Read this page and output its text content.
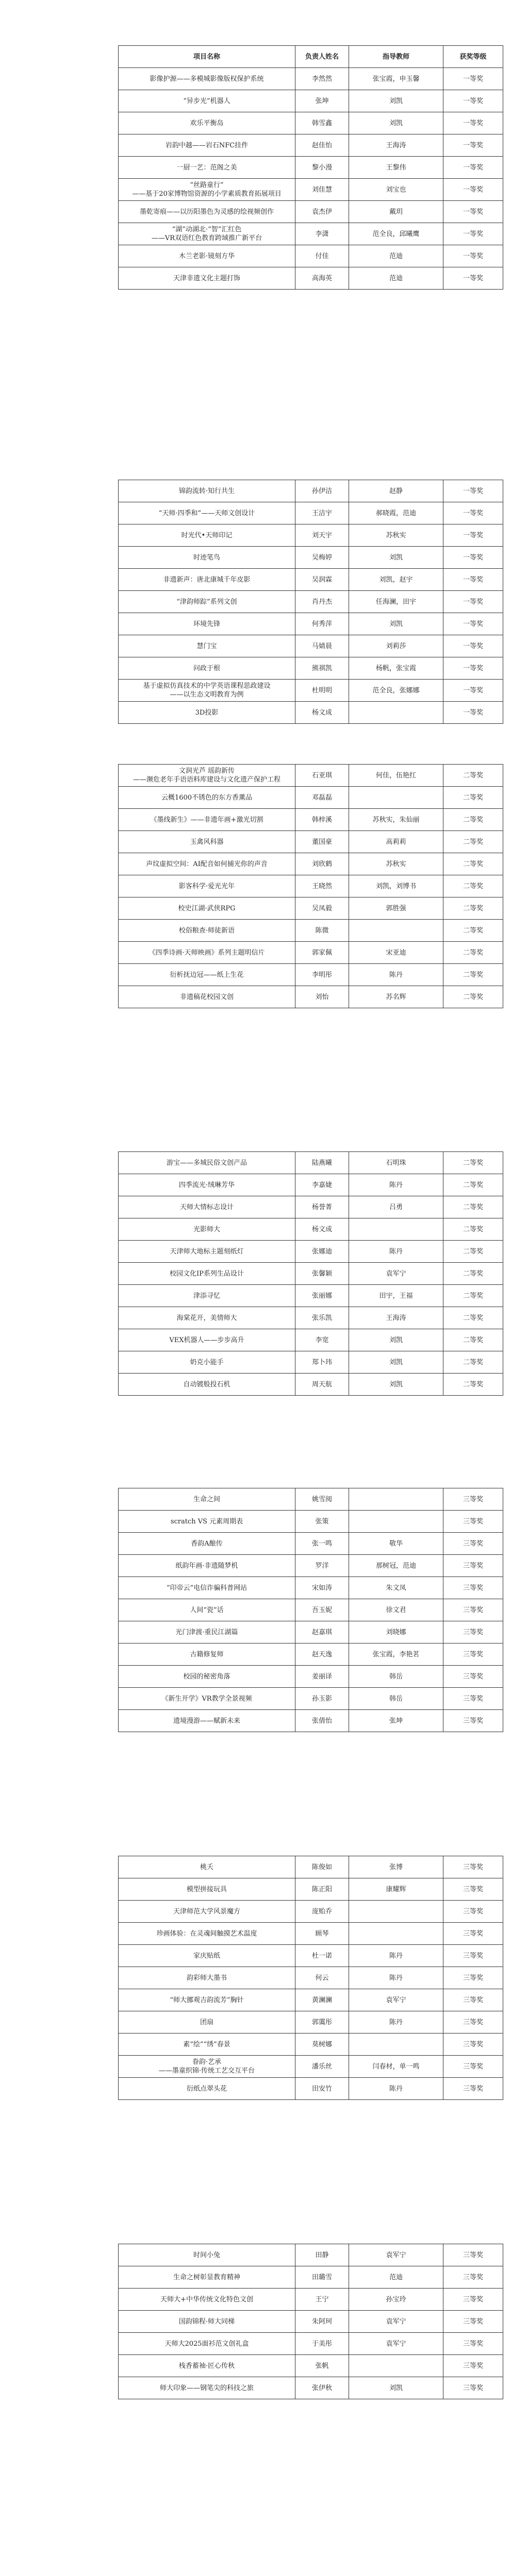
项目名称	负责人姓名	指导教师	获奖等级
影像护源——多模城影像版权保护系统	李然然	张宝霞，申玉馨	一等奖
“异步光”机器人	张坤	刘凯	一等奖
欢乐平衡岛	韩雪鑫	刘凯	一等奖
岩韵中越——岩石NFC挂件	赵佳怡	王海涛	一等奖
一厨一艺：范阁之美	黎小漫	王黎伟	一等奖
“丝路童行”
——基于20家博物馆资源的小学素质教育拓展项目	刘佳慧	刘宝也	一等奖
墨乾寄痕——以历阳墨色为灵感的绘视频创作	袁杰伊	戴玥	一等奖
“湖”动湖北·“智”汇红色
——VR双语红色教育跨域推广新平台	李潇	范全良，邱曦鹰	一等奖
木兰老影·镜刻方华	付佳	范迪	一等奖
天津非遗文化主题打饰	高海英	范迪	一等奖
锦韵流转·知行共生	孙伊洁	赵静	一等奖
“天师·四季和”——天师文创设计	王洁宇	郝晓霞，范迪	一等奖
时光代•天师印记	刘天宇	苏秋实	一等奖
时迹笔鸟	吴梅婷	刘凯	一等奖
非遗新声：唐北康城千年皮影	吴润霖	刘凯，赵宇	一等奖
“津韵师踪”系列文创	肖丹杰	任海澜，田宇	一等奖
环境先锋	何秀萍	刘凯	一等奖
慧门宝	马婧晨	刘莉莎	一等奖
问政于根	熊祺凯	杨帆，张宝霞	一等奖
基于虚拟仿真技术的中学英语课程思政建设
——以生态文明教育为例	杜明明	范全良，张娜娜	一等奖
3D投影	杨文成		一等奖
文润光芦 瑶韵新传
——濒危老年手语语料库建设与文化遗产保护工程	石亚琪	何佳，伍艳红	二等奖
云概1600不锈色的东方香薰品	邓磊磊		二等奖
《墨线新生》——非遗年画+激光切割	韩梓溪	苏秋实，朱仙丽	二等奖
玉禽风科器	董国豪	高莉莉	二等奖
声纹虚拟空间：AI配音如何捕光你的声音	刘欣鹤	苏秋实	二等奖
影客科学·爱光光年	王晓然	刘凯，刘博书	二等奖
校史江湖·武侠RPG	吴凤毅	郭胜强	二等奖
校俗粮查·师徒新语	陈微		二等奖
《四季诗画·天师映画》系列主题明信片	郭家佩	宋亚迪	二等奖
衍析抚边冠——纸上生花	李明彤	陈丹	二等奖
非遗稿花校园文创	刘怡	苏名辉	二等奖
游宝——多城民俗文创产品	陆燕曦	石明珠	二等奖
四季流光·绒琳芳华	李嘉婕	陈丹	二等奖
天师大情标志设计	杨誉菁	吕勇	二等奖
光影师大	杨文成		二等奖
天津师大地标主题刻纸灯	张娜迪	陈丹	二等奖
校园文化IP系列生品设计	张馨颖	袁军宁	二等奖
津添寻忆	张丽娜	田宇，王福	二等奖
海棠花开，美情师大	张乐凯	王海涛	二等奖
VEX机器人——步步高升	李宽	刘凯	二等奖
奶克小能手	郑卜玮	刘凯	二等奖
自动镀般投石机	周天航	刘凯	二等奖
生命之间	姚雪阅		三等奖
scratch VS 元素周期表	张策		三等奖
香韵A酿传	张一鸣	敬华	三等奖
纸韵年画·非遗随梦机	罗洋	那树冠，范迪	三等奖
“印帝云”电信诈骗科普网站	宋如涛	朱文凤	三等奖
人间“瓷”话	吾玉妮	徐文君	三等奖
光门津渡·重民江湖篇	赵嘉琪	刘晓娜	三等奖
古籍修复师	赵天逸	张宝霞，李艳茗	三等奖
校园的秘密角落	姜丽译	韩岳	三等奖
《新生开学》VR教学全景视频	孙玉影	韩岳	三等奖
遗境漫游——赋新未来	张倩怡	张坤	三等奖
桃夭	陈俊如	张博	三等奖
模型拼接玩具	陈正阳	康耀辉	三等奖
天津师范大学风景魔方	庞贻乔		三等奖
珍画体验：在灵魂间触摸艺术温度	顾琴		三等奖
家庆贴纸	杜一诺	陈丹	三等奖
韵彩师大墨书	何云	陈丹	三等奖
“师大挪观吉韵流芳”胸针	黄澜澜	袁军宁	三等奖
团扇	郭霭彤	陈丹	三等奖
素“绘”“绣”春景	莫树娜		三等奖
眷韵·艺承
——墨童织锦·传统工艺交互平台	潘乐丝	闫春材，单一鸣	三等奖
衍纸点翠头花	田安竹	陈丹	三等奖
时间小兔	田静	袁军宁	三等奖
生命之树彰显教育精神	田璐雪	范迪	三等奖
天师大+中华传统文化特色文创	王宁	孙宝玲	三等奖
国韵锦程·师大同梯	朱阿珂	袁军宁	三等奖
天师大2025面衫范文创礼盒	于美彤	袁军宁	三等奖
栈香蓄袖·匠心传秋	张帆		三等奖
师大印象——钢笔尖的科技之旅	张伊秋	刘凯	三等奖
